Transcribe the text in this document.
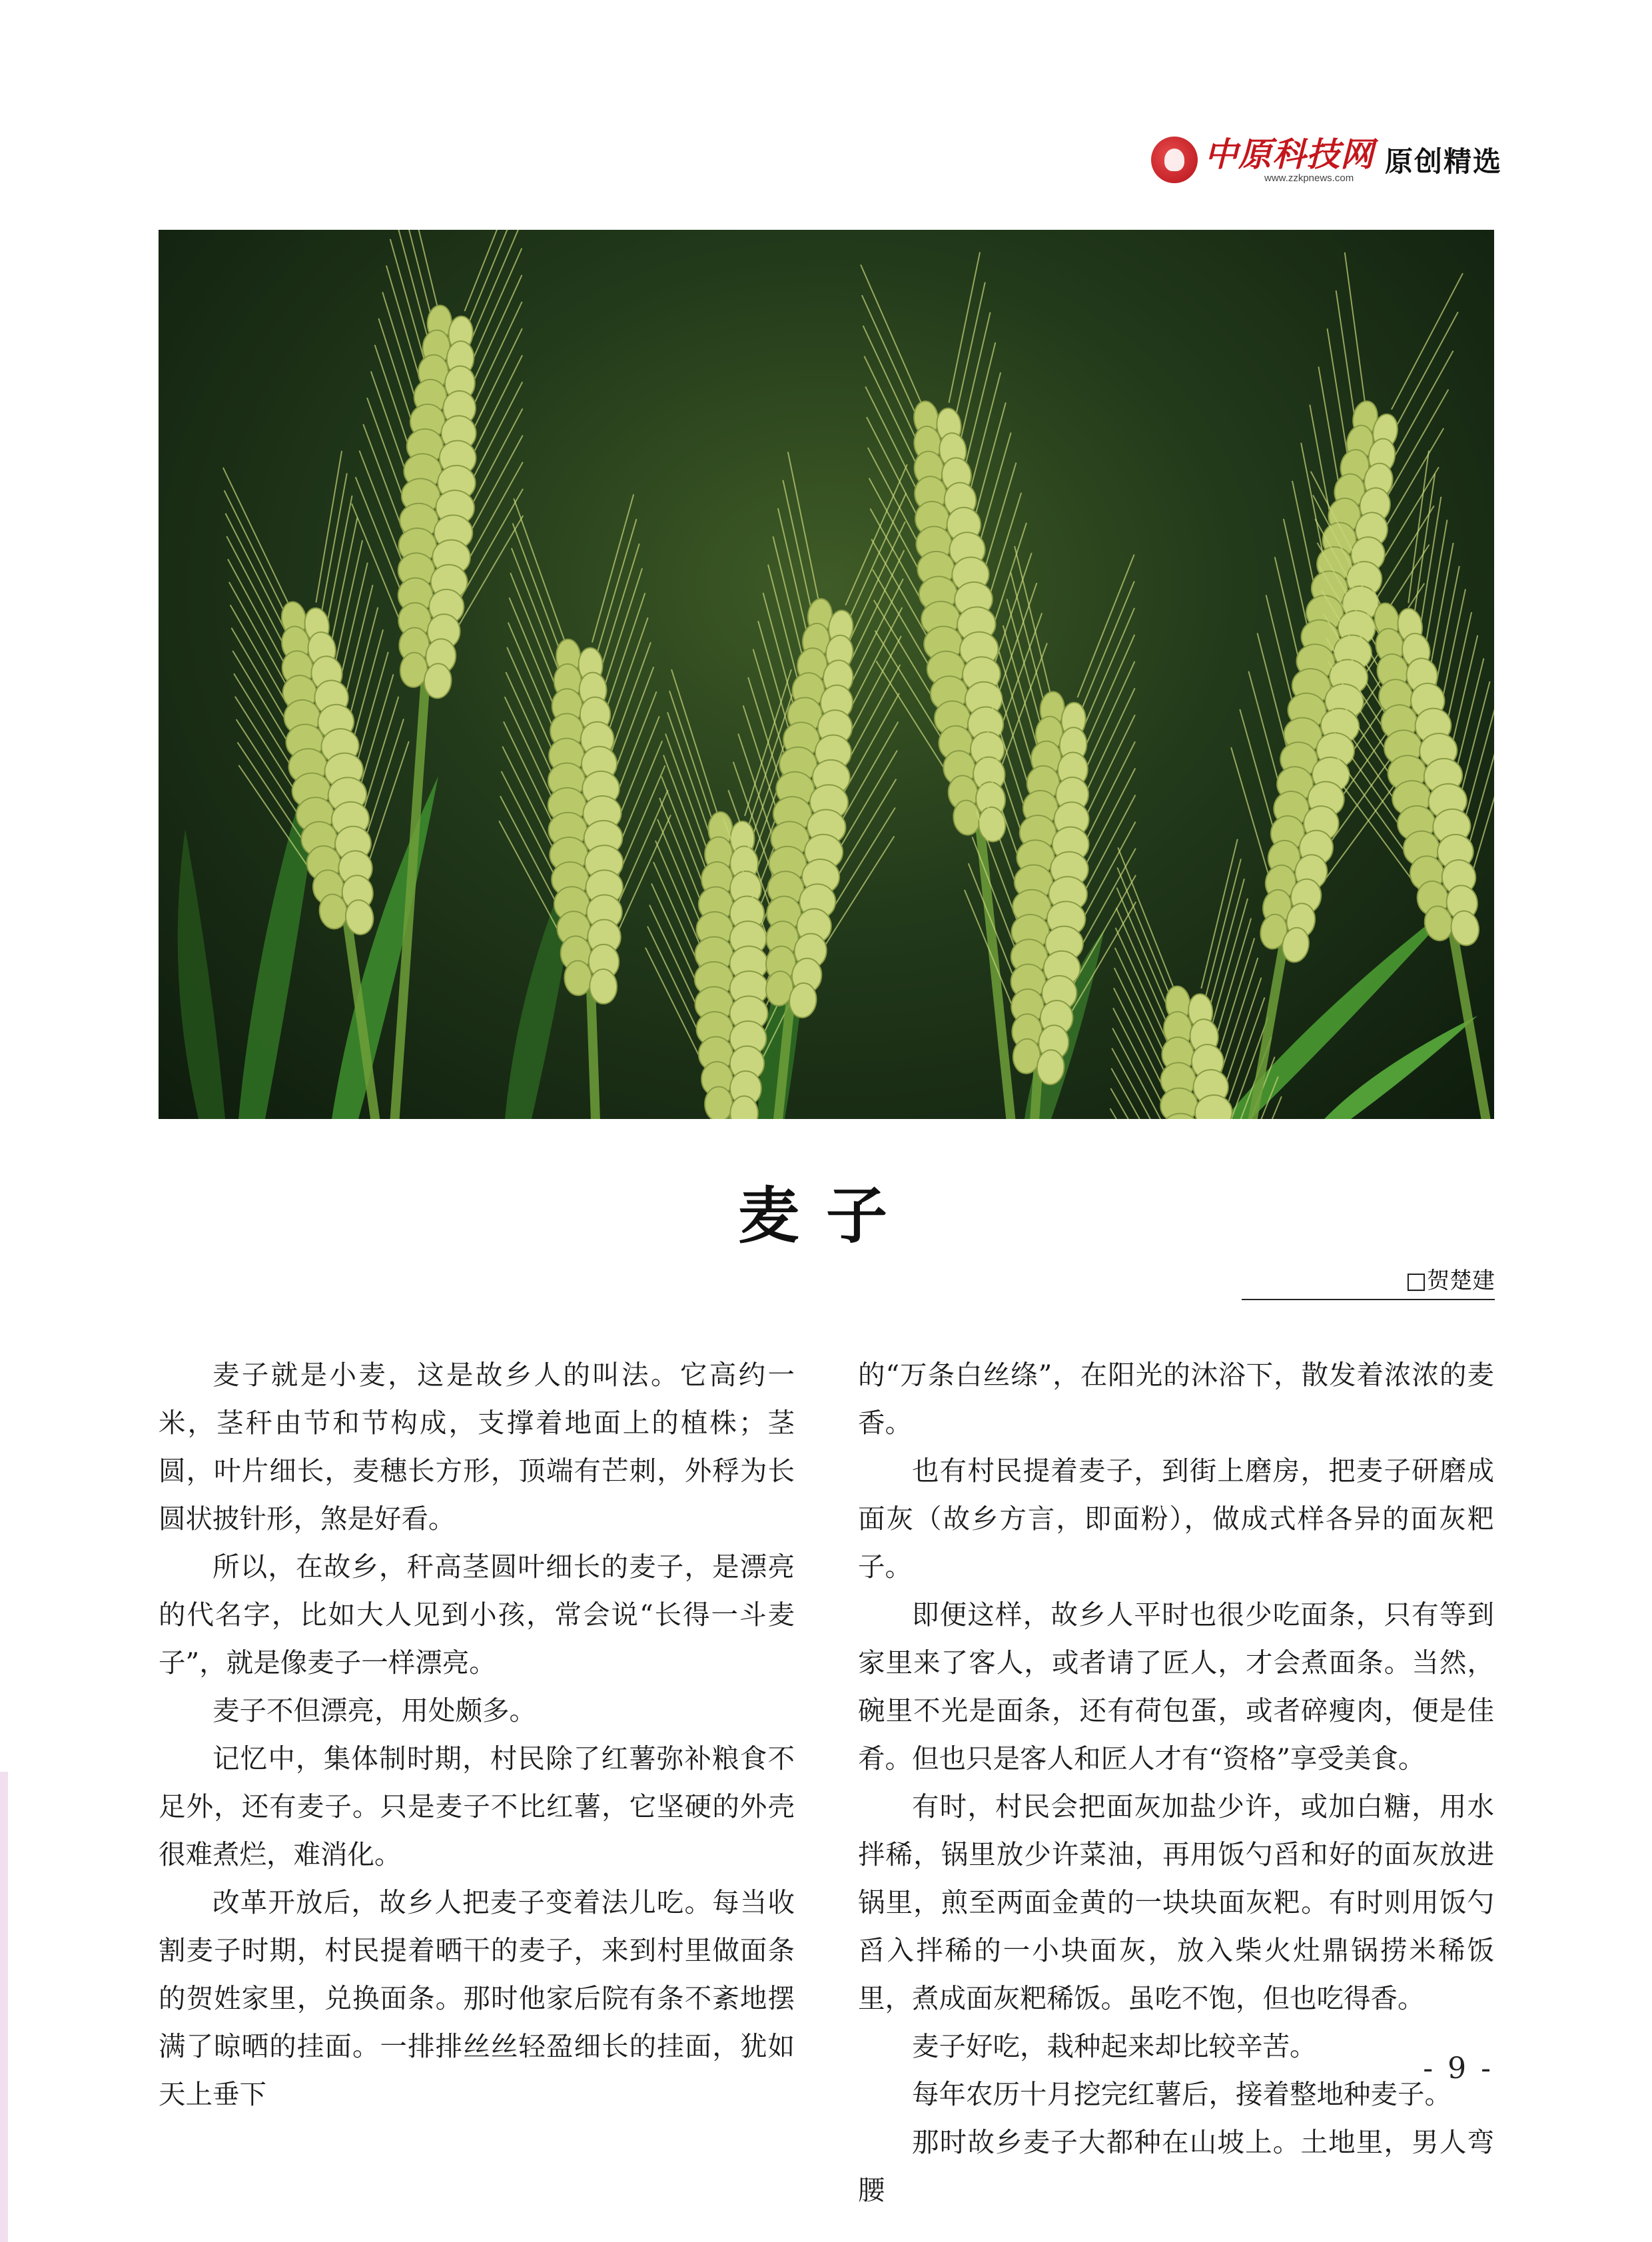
中原科技网
www.zzkpnews.com
原创精选
麦子
□贺楚建

麦子就是小麦，这是故乡人的叫法。它高约一米，茎秆由节和节构成，支撑着地面上的植株；茎圆，叶片细长，麦穗长方形，顶端有芒刺，外稃为长圆状披针形，煞是好看。

所以，在故乡，秆高茎圆叶细长的麦子，是漂亮的代名字，比如大人见到小孩，常会说“长得一斗麦子”，就是像麦子一样漂亮。

麦子不但漂亮，用处颇多。

记忆中，集体制时期，村民除了红薯弥补粮食不足外，还有麦子。只是麦子不比红薯，它坚硬的外壳很难煮烂，难消化。

改革开放后，故乡人把麦子变着法儿吃。每当收割麦子时期，村民提着晒干的麦子，来到村里做面条的贺姓家里，兑换面条。那时他家后院有条不紊地摆满了晾晒的挂面。一排排丝丝轻盈细长的挂面，犹如天上垂下

的“万条白丝绦”，在阳光的沐浴下，散发着浓浓的麦香。

也有村民提着麦子，到街上磨房，把麦子研磨成面灰（故乡方言，即面粉），做成式样各异的面灰粑子。

即便这样，故乡人平时也很少吃面条，只有等到家里来了客人，或者请了匠人，才会煮面条。当然，碗里不光是面条，还有荷包蛋，或者碎瘦肉，便是佳肴。但也只是客人和匠人才有“资格”享受美食。

有时，村民会把面灰加盐少许，或加白糖，用水拌稀，锅里放少许菜油，再用饭勺舀和好的面灰放进锅里，煎至两面金黄的一块块面灰粑。有时则用饭勺舀入拌稀的一小块面灰，放入柴火灶鼎锅捞米稀饭里，煮成面灰粑稀饭。虽吃不饱，但也吃得香。

麦子好吃，栽种起来却比较辛苦。

每年农历十月挖完红薯后，接着整地种麦子。

那时故乡麦子大都种在山坡上。土地里，男人弯腰

- 9 -
